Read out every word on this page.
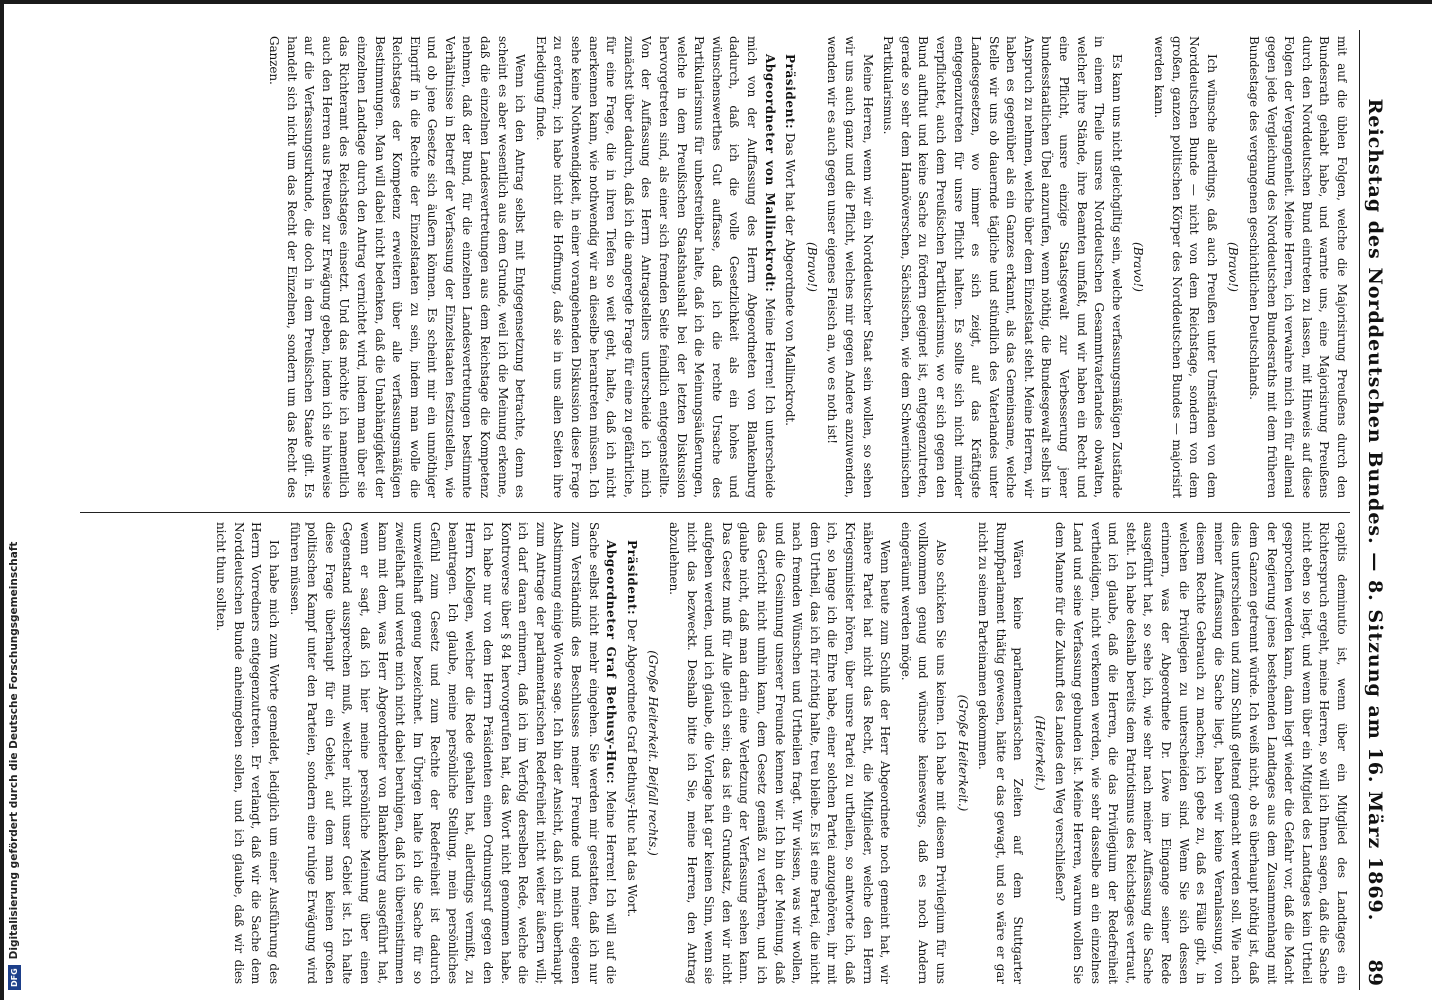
DFG
Digitalisierung gefördert durch die Deutsche Forschungsgemeinschaft	Reichstag des Norddeutschen Bundes. — 8. Sitzung am 16. März 1869.
89

mit auf die üblen Folgen, welche die Majorisirung Preußens durch den Bundesrath gehabt habe, und warnte uns, eine Majorisirung Preußens durch den Norddeutschen Bund eintreten zu lassen, mit Hinweis auf diese Folgen der Vergangenheit. Meine Herren, ich verwahre mich ein für allemal gegen jede Vergleichung des Norddeutschen Bundesraths mit dem früheren Bundestage des vergangenen geschichtlichen Deutschlands.

(Bravo!)

Ich wünsche allerdings, daß auch Preußen unter Umständen von dem Norddeutschen Bunde — nicht von dem Reichstage, sondern von dem großen, ganzen politischen Körper des Norddeutschen Bundes — majorisirt werden kann.

(Bravo!)

Es kann uns nicht gleichgiltig sein, welche verfassungsmäßigen Zustände in einem Theile unsres Norddeutschen Gesammtvaterlandes obwalten, welcher ihre Stände, ihre Beamten umfaßt, und wir haben ein Recht und eine Pflicht, unsre einzige Staatsgewalt zur Verbesserung jener bundesstaatlichen Übel anzurufen, wenn nöthig, die Bundesgewalt selbst in Anspruch zu nehmen, welche über dem Einzelstaat steht. Meine Herren, wir haben es gegenüber als ein Ganzes erkannt, als das Gemeinsame, welche Stelle wir uns ob dauernde tägliche und stündlich des Vaterlandes unter Landesgesetzen, wo immer es sich zeigt, auf das Kräftigste entgegenzutreten für unsre Pflicht halten. Es sollte sich nicht minder verpflichtet, auch dem Preußischen Partikularismus, wo er sich gegen den Bund aufthut und keine Sache zu fördern geeignet ist, entgegenzutreten, gerade so sehr dem Hannöverschen, Sächsischen, wie dem Schwerinischen Partikularismus.

Meine Herren, wenn wir ein Norddeutscher Staat sein wollen, so sehen wir uns auch ganz und die Pflicht, welches mir gegen Andere anzuwenden, wenden wir es auch gegen unser eigenes Fleisch an, wo es noth ist!

(Bravo!)

Präsident: Das Wort hat der Abgeordnete von Mallinckrodt.

Abgeordneter von Mallinckrodt: Meine Herren! Ich unterscheide mich von der Auffassung des Herrn Abgeordneten von Blankenburg dadurch, daß ich die volle Gesetzlichkeit als ein hohes und wünschenswerthes Gut auffasse, daß ich die rechte Ursache des Partikularismus für unbestreitbar halte, daß ich die Meinungsäußerungen, welche in dem Preußischen Staatshaushalt bei der letzten Diskussion hervorgetreten sind, als einer sich fremden Seite feindlich entgegenstellte. Von der Auffassung des Herrn Antragstellers unterscheide ich mich zunächst über dadurch, daß ich die angeregte Frage für eine zu gefährliche, für eine Frage, die in ihren Tiefen so weit geht, halte, daß ich nicht anerkennen kann, wie nothwendig wir an dieselbe herantreten müssen. Ich sehe keine Nothwendigkeit, in einer vorangehenden Diskussion diese Frage zu erörtern; ich habe nicht die Hoffnung, daß sie in uns allen Seiten ihre Erledigung finde.

Wenn ich den Antrag selbst mit Entgegensetzung betrachte, denn es scheint es aber wesentlich aus dem Grunde, weil ich die Meinung erkenne, daß die einzelnen Landesvertretungen aus dem Reichstage die Kompetenz nehmen, daß der Bund, für die einzelnen Landesvertretungen bestimmte Verhältnisse in Betreff der Verfassung der Einzelstaaten festzustellen, wie und ob jene Gesetze sich äußern können. Es scheint mir ein unnöthiger Eingriff in die Rechte der Einzelstaaten zu sein, indem man wolle die Reichstages der Kompetenz erweitern über alle verfassungsmäßigen Bestimmungen. Man will dabei nicht bedenken, daß die Unabhängigkeit der einzelnen Landtage durch den Antrag vernichtet wird, indem man über sie das Richteramt des Reichstages einsetzt. Und das möchte ich namentlich auch den Herren aus Preußen zur Erwägung geben, indem ich sie hinweise auf die Verfassungsurkunde, die doch in dem Preußischen Staate gilt. Es handelt sich nicht um das Recht der Einzelnen, sondern um das Recht des Ganzen.

capitis deminutio ist, wenn über ein Mitglied des Landtages ein Richterspruch ergeht, meine Herren, so will ich Ihnen sagen, daß die Sache nicht eben so liegt, und wenn über ein Mitglied des Landtages kein Urtheil gesprochen werden kann, dann liegt wieder die Gefahr vor, daß die Macht der Regierung jenes bestehenden Landtages aus dem Zusammenhang mit dem Ganzen getrennt würde. Ich weiß nicht, ob es überhaupt nöthig ist, daß dies unterschieden und zum Schluß geltend gemacht werden soll. Wie nach meiner Auffassung die Sache liegt, haben wir keine Veranlassung, von diesem Rechte Gebrauch zu machen; ich gebe zu, daß es Fälle gibt, in welchen die Privilegien zu unterscheiden sind. Wenn Sie sich dessen erinnern, was der Abgeordnete Dr. Löwe im Eingange seiner Rede ausgeführt hat, so sehe ich, wie sehr nach meiner Auffassung die Sache steht. Ich habe deshalb bereits dem Patriotismus des Reichstages vertraut, und ich glaube, daß die Herren, die das Privilegium der Redefreiheit vertheidigen, nicht verkennen werden, wie sehr dasselbe an ein einzelnes Land und seine Verfassung gebunden ist. Meine Herren, warum wollen Sie dem Manne für die Zukunft des Landes den Weg verschließen?

(Heiterkeit.)

Wären keine parlamentarischen Zeiten auf dem Stuttgarter Rumpfparlament thätig gewesen, hätte er das gewagt, und so wäre er gar nicht zu seinem Parteinamen gekommen.

(Große Heiterkeit.)

Also schicken Sie uns keinen. Ich habe mit diesem Privilegium für uns vollkommen genug und wünsche keineswegs, daß es noch Andern eingeräumt werden möge.

Wenn heute zum Schluß der Herr Abgeordnete noch gemeint hat, wir nähere Partei hat nicht das Recht, die Mitglieder, welche den Herrn Kriegsminister hören, über unsre Partei zu urtheilen, so antworte ich, daß ich, so lange ich die Ehre habe, einer solchen Partei anzugehören, ihr mit dem Urtheil, das ich für richtig halte, treu bleibe. Es ist eine Partei, die nicht nach fremden Wünschen und Urtheilen fragt. Wir wissen, was wir wollen, und die Gesinnung unserer Freunde kennen wir. Ich bin der Meinung, daß das Gericht nicht umhin kann, dem Gesetz gemäß zu verfahren, und ich glaube nicht, daß man darin eine Verletzung der Verfassung sehen kann. Das Gesetz muß für Alle gleich sein; das ist ein Grundsatz, den wir nicht aufgeben werden, und ich glaube, die Vorlage hat gar keinen Sinn, wenn sie nicht das bezweckt. Deshalb bitte ich Sie, meine Herren, den Antrag abzulehnen.

(Große Heiterkeit. Beifall rechts.)

Präsident: Der Abgeordnete Graf Bethusy-Huc hat das Wort.

Abgeordneter Graf Bethusy-Huc: Meine Herren! Ich will auf die Sache selbst nicht mehr eingehen. Sie werden mir gestatten, daß ich nur zum Verständniß des Beschlusses meiner Freunde und meiner eigenen Abstimmung einige Worte sage. Ich bin der Ansicht, daß ich mich überhaupt zum Antrage der parlamentarischen Redefreiheit nicht weiter äußern will; ich darf daran erinnern, daß ich im Verfolg derselben Rede, welche die Kontroverse über § 84 hervorgerufen hat, das Wort nicht genommen habe. Ich habe nur von dem Herrn Präsidenten einen Ordnungsruf gegen den Herrn Kollegen, welcher die Rede gehalten hat, allerdings vermißt, zu beantragen. Ich glaube, meine persönliche Stellung, mein persönliches Gefühl zum Gesetz und zum Rechte der Redefreiheit ist dadurch unzweifelhaft genug bezeichnet. Im Übrigen halte ich die Sache für so zweifelhaft und werde mich nicht dabei beruhigen, daß ich übereinstimmen kann mit dem, was Herr Abgeordneter von Blankenburg ausgeführt hat, wenn er sagt, daß ich hier meine persönliche Meinung über einen Gegenstand aussprechen muß, welcher nicht unser Gebiet ist. Ich halte diese Frage überhaupt für ein Gebiet, auf dem man keinen großen politischen Kampf unter den Parteien, sondern eine ruhige Erwägung wird führen müssen.

Ich habe mich zum Worte gemeldet, lediglich um einer Ausführung des Herrn Vorredners entgegenzutreten. Er verlangt, daß wir die Sache dem Norddeutschen Bunde anheimgeben sollen, und ich glaube, daß wir dies nicht thun sollten.
